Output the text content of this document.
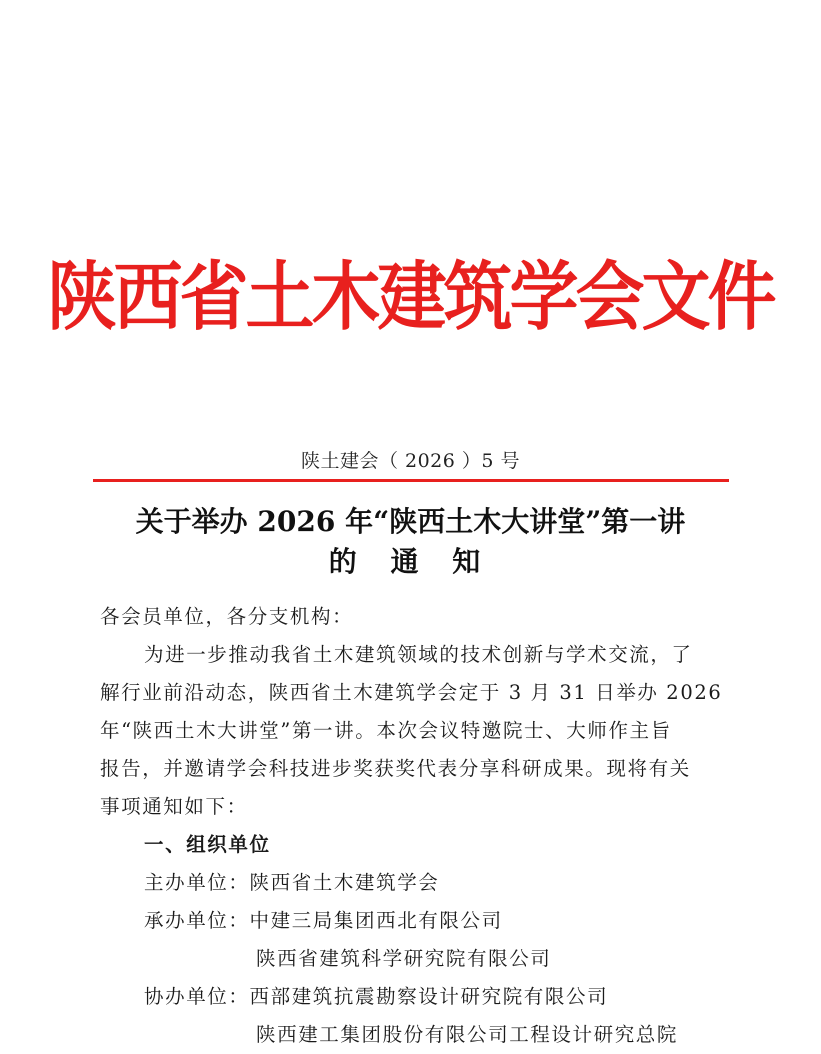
陕西省土木建筑学会文件
陕土建会（ 2026 ）5 号
关于举办 2026 年“陕西土木大讲堂”第一讲
的 通 知
各会员单位，各分支机构：
为进一步推动我省土木建筑领域的技术创新与学术交流，了
解行业前沿动态，陕西省土木建筑学会定于 3 月 31 日举办 2026
年“陕西土木大讲堂”第一讲。本次会议特邀院士、大师作主旨
报告，并邀请学会科技进步奖获奖代表分享科研成果。现将有关
事项通知如下：
一、组织单位
主办单位：陕西省土木建筑学会
承办单位：中建三局集团西北有限公司
陕西省建筑科学研究院有限公司
协办单位：西部建筑抗震勘察设计研究院有限公司
陕西建工集团股份有限公司工程设计研究总院
